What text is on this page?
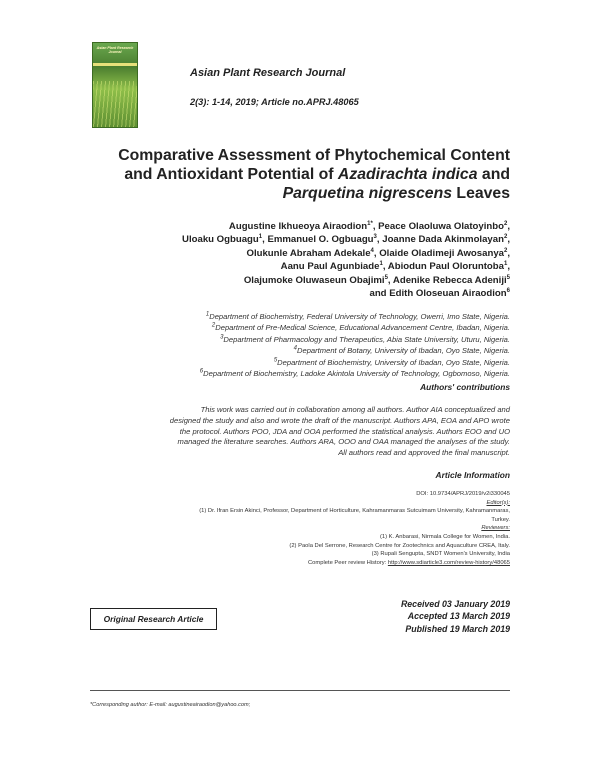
Asian Plant Research Journal
Asian Plant Research Journal
2(3): 1-14, 2019; Article no.APRJ.48065
Comparative Assessment of Phytochemical Content
and Antioxidant Potential of Azadirachta indica and
Parquetina nigrescens Leaves
Augustine Ikhueoya Airaodion$^{1*}$, Peace Olaoluwa Olatoyinbo$^2$,
Uloaku Ogbuagu$^1$, Emmanuel O. Ogbuagu$^3$, Joanne Dada Akinmolayan$^2$,
Olukunle Abraham Adekale$^4$, Olaide Oladimeji Awosanya$^2$,
Aanu Paul Agunbiade$^1$, Abiodun Paul Oloruntoba$^1$,
Olajumoke Oluwaseun Obajimi$^5$, Adenike Rebecca Adeniji$^5$
and Edith Oloseuan Airaodion$^6$
$^1$Department of Biochemistry, Federal University of Technology, Owerri, Imo State, Nigeria.
$^2$Department of Pre-Medical Science, Educational Advancement Centre, Ibadan, Nigeria.
$^3$Department of Pharmacology and Therapeutics, Abia State University, Uturu, Nigeria.
$^4$Department of Botany, University of Ibadan, Oyo State, Nigeria.
$^5$Department of Biochemistry, University of Ibadan, Oyo State, Nigeria.
$^6$Department of Biochemistry, Ladoke Akintola University of Technology, Ogbomoso, Nigeria.
Authors' contributions
This work was carried out in collaboration among all authors. Author AIA conceptualized and
designed the study and also and wrote the draft of the manuscript. Authors APA, EOA and APO wrote
the protocol. Authors POO, JDA and OOA performed the statistical analysis. Authors EOO and UO
managed the literature searches. Authors ARA, OOO and OAA managed the analyses of the study.
All authors read and approved the final manuscript.
Article Information
DOI: 10.9734/APRJ/2019/v2i330045
Editor(s):
(1) Dr. Ifran Ersin Akinci, Professor, Department of Horticulture, Kahramanmaras Sutcuimam University, Kahramanmaras,
Turkey.
Reviewers:
(1) K. Anbarasi, Nirmala College for Women, India.
(2) Paola Del Serrone, Research Centre for Zootechnics and Aquaculture CREA, Italy.
(3) Rupali Sengupta, SNDT Women's University, India
Complete Peer review History: http://www.sdiarticle3.com/review-history/48065
Original Research Article
Received 03 January 2019
Accepted 13 March 2019
Published 19 March 2019
*Corresponding author: E-mail: augustineairaodion@yahoo.com;
